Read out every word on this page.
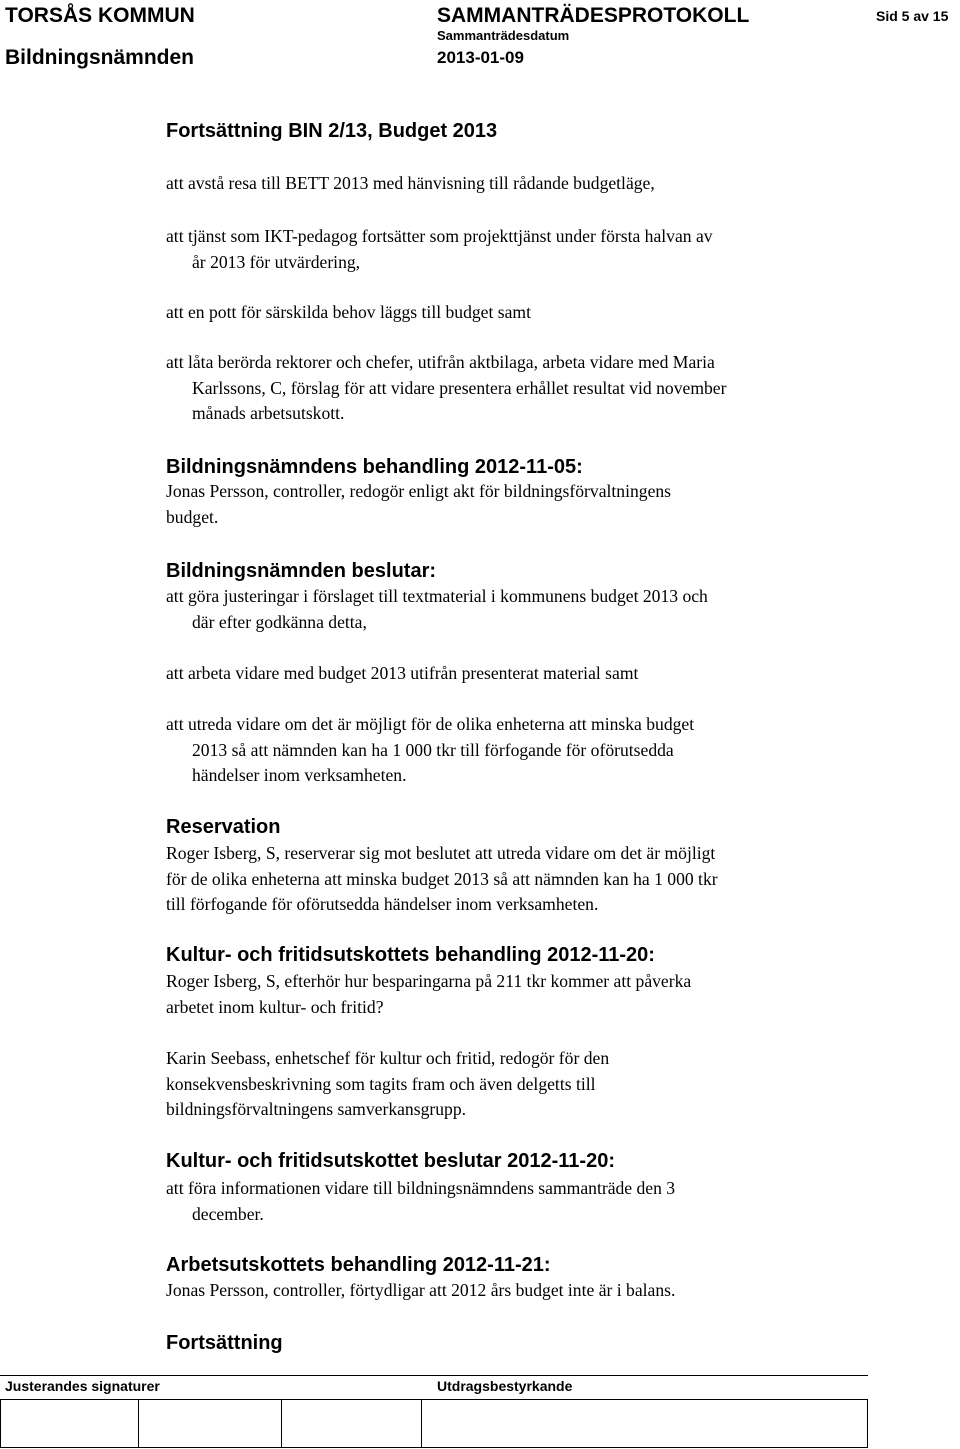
TORSÅS KOMMUN	SAMMANTRÄDESPROTOKOLL	Sid 5 av 15
Bildningsnämnden
Sammanträdesdatum
2013-01-09
Fortsättning BIN 2/13, Budget 2013
att avstå resa till BETT 2013 med hänvisning till rådande budgetläge,
att tjänst som IKT-pedagog fortsätter som projekttjänst under första halvan av
år 2013 för utvärdering,
att en pott för särskilda behov läggs till budget samt
att låta berörda rektorer och chefer, utifrån aktbilaga, arbeta vidare med Maria
Karlssons, C, förslag för att vidare presentera erhållet resultat vid november
månads arbetsutskott.
Bildningsnämndens behandling 2012-11-05:
Jonas Persson, controller, redogör enligt akt för bildningsförvaltningens
budget.
Bildningsnämnden beslutar:
att göra justeringar i förslaget till textmaterial i kommunens budget 2013 och
där efter godkänna detta,
att arbeta vidare med budget 2013 utifrån presenterat material samt
att utreda vidare om det är möjligt för de olika enheterna att minska budget
2013 så att nämnden kan ha 1 000 tkr till förfogande för oförutsedda
händelser inom verksamheten.
Reservation
Roger Isberg, S, reserverar sig mot beslutet att utreda vidare om det är möjligt
för de olika enheterna att minska budget 2013 så att nämnden kan ha 1 000 tkr
till förfogande för oförutsedda händelser inom verksamheten.
Kultur- och fritidsutskottets behandling 2012-11-20:
Roger Isberg, S, efterhör hur besparingarna på 211 tkr kommer att påverka
arbetet inom kultur- och fritid?
Karin Seebass, enhetschef för kultur och fritid, redogör för den
konsekvensbeskrivning som tagits fram och även delgetts till
bildningsförvaltningens samverkansgrupp.
Kultur- och fritidsutskottet beslutar 2012-11-20:
att föra informationen vidare till bildningsnämndens sammanträde den 3
december.
Arbetsutskottets behandling 2012-11-21:
Jonas Persson, controller, förtydligar att 2012 års budget inte är i balans.
Fortsättning
Justerandes signaturer	Utdragsbestyrkande
